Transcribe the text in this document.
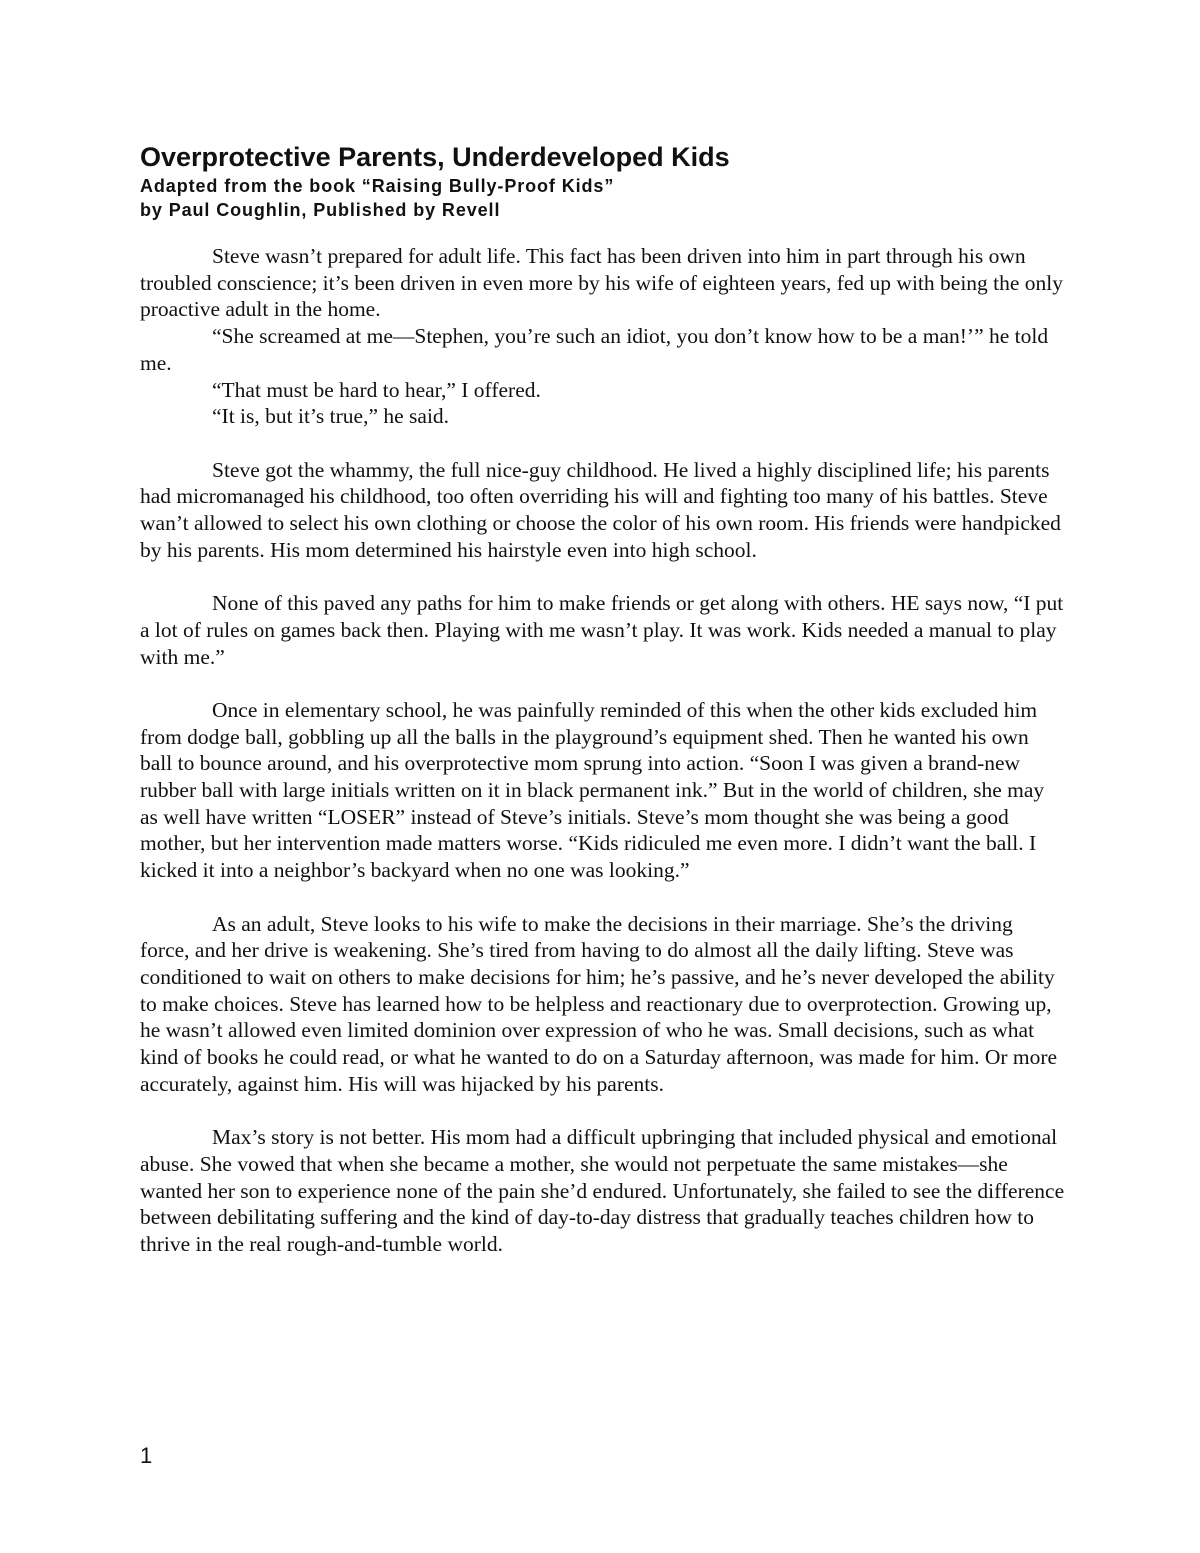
Overprotective Parents, Underdeveloped Kids
Adapted from the book “Raising Bully-Proof Kids”
by Paul Coughlin, Published by Revell

Steve wasn’t prepared for adult life. This fact has been driven into him in part through his own troubled conscience; it’s been driven in even more by his wife of eighteen years, fed up with being the only proactive adult in the home.

“She screamed at me—Stephen, you’re such an idiot, you don’t know how to be a man!’” he told me.

“That must be hard to hear,” I offered.

“It is, but it’s true,” he said.

Steve got the whammy, the full nice-guy childhood. He lived a highly disciplined life; his parents had micromanaged his childhood, too often overriding his will and fighting too many of his battles. Steve wan’t allowed to select his own clothing or choose the color of his own room. His friends were handpicked by his parents. His mom determined his hairstyle even into high school.

None of this paved any paths for him to make friends or get along with others. HE says now, “I put a lot of rules on games back then. Playing with me wasn’t play. It was work. Kids needed a manual to play with me.”

Once in elementary school, he was painfully reminded of this when the other kids excluded him from dodge ball, gobbling up all the balls in the playground’s equipment shed. Then he wanted his own ball to bounce around, and his overprotective mom sprung into action. “Soon I was given a brand-new rubber ball with large initials written on it in black permanent ink.” But in the world of children, she may as well have written “LOSER” instead of Steve’s initials. Steve’s mom thought she was being a good mother, but her intervention made matters worse. “Kids ridiculed me even more. I didn’t want the ball. I kicked it into a neighbor’s backyard when no one was looking.”

As an adult, Steve looks to his wife to make the decisions in their marriage. She’s the driving force, and her drive is weakening. She’s tired from having to do almost all the daily lifting. Steve was conditioned to wait on others to make decisions for him; he’s passive, and he’s never developed the ability to make choices. Steve has learned how to be helpless and reactionary due to overprotection. Growing up, he wasn’t allowed even limited dominion over expression of who he was. Small decisions, such as what kind of books he could read, or what he wanted to do on a Saturday afternoon, was made for him. Or more accurately, against him. His will was hijacked by his parents.

Max’s story is not better. His mom had a difficult upbringing that included physical and emotional abuse. She vowed that when she became a mother, she would not perpetuate the same mistakes—she wanted her son to experience none of the pain she’d endured. Unfortunately, she failed to see the difference between debilitating suffering and the kind of day-to-day distress that gradually teaches children how to thrive in the real rough-and-tumble world.

1
